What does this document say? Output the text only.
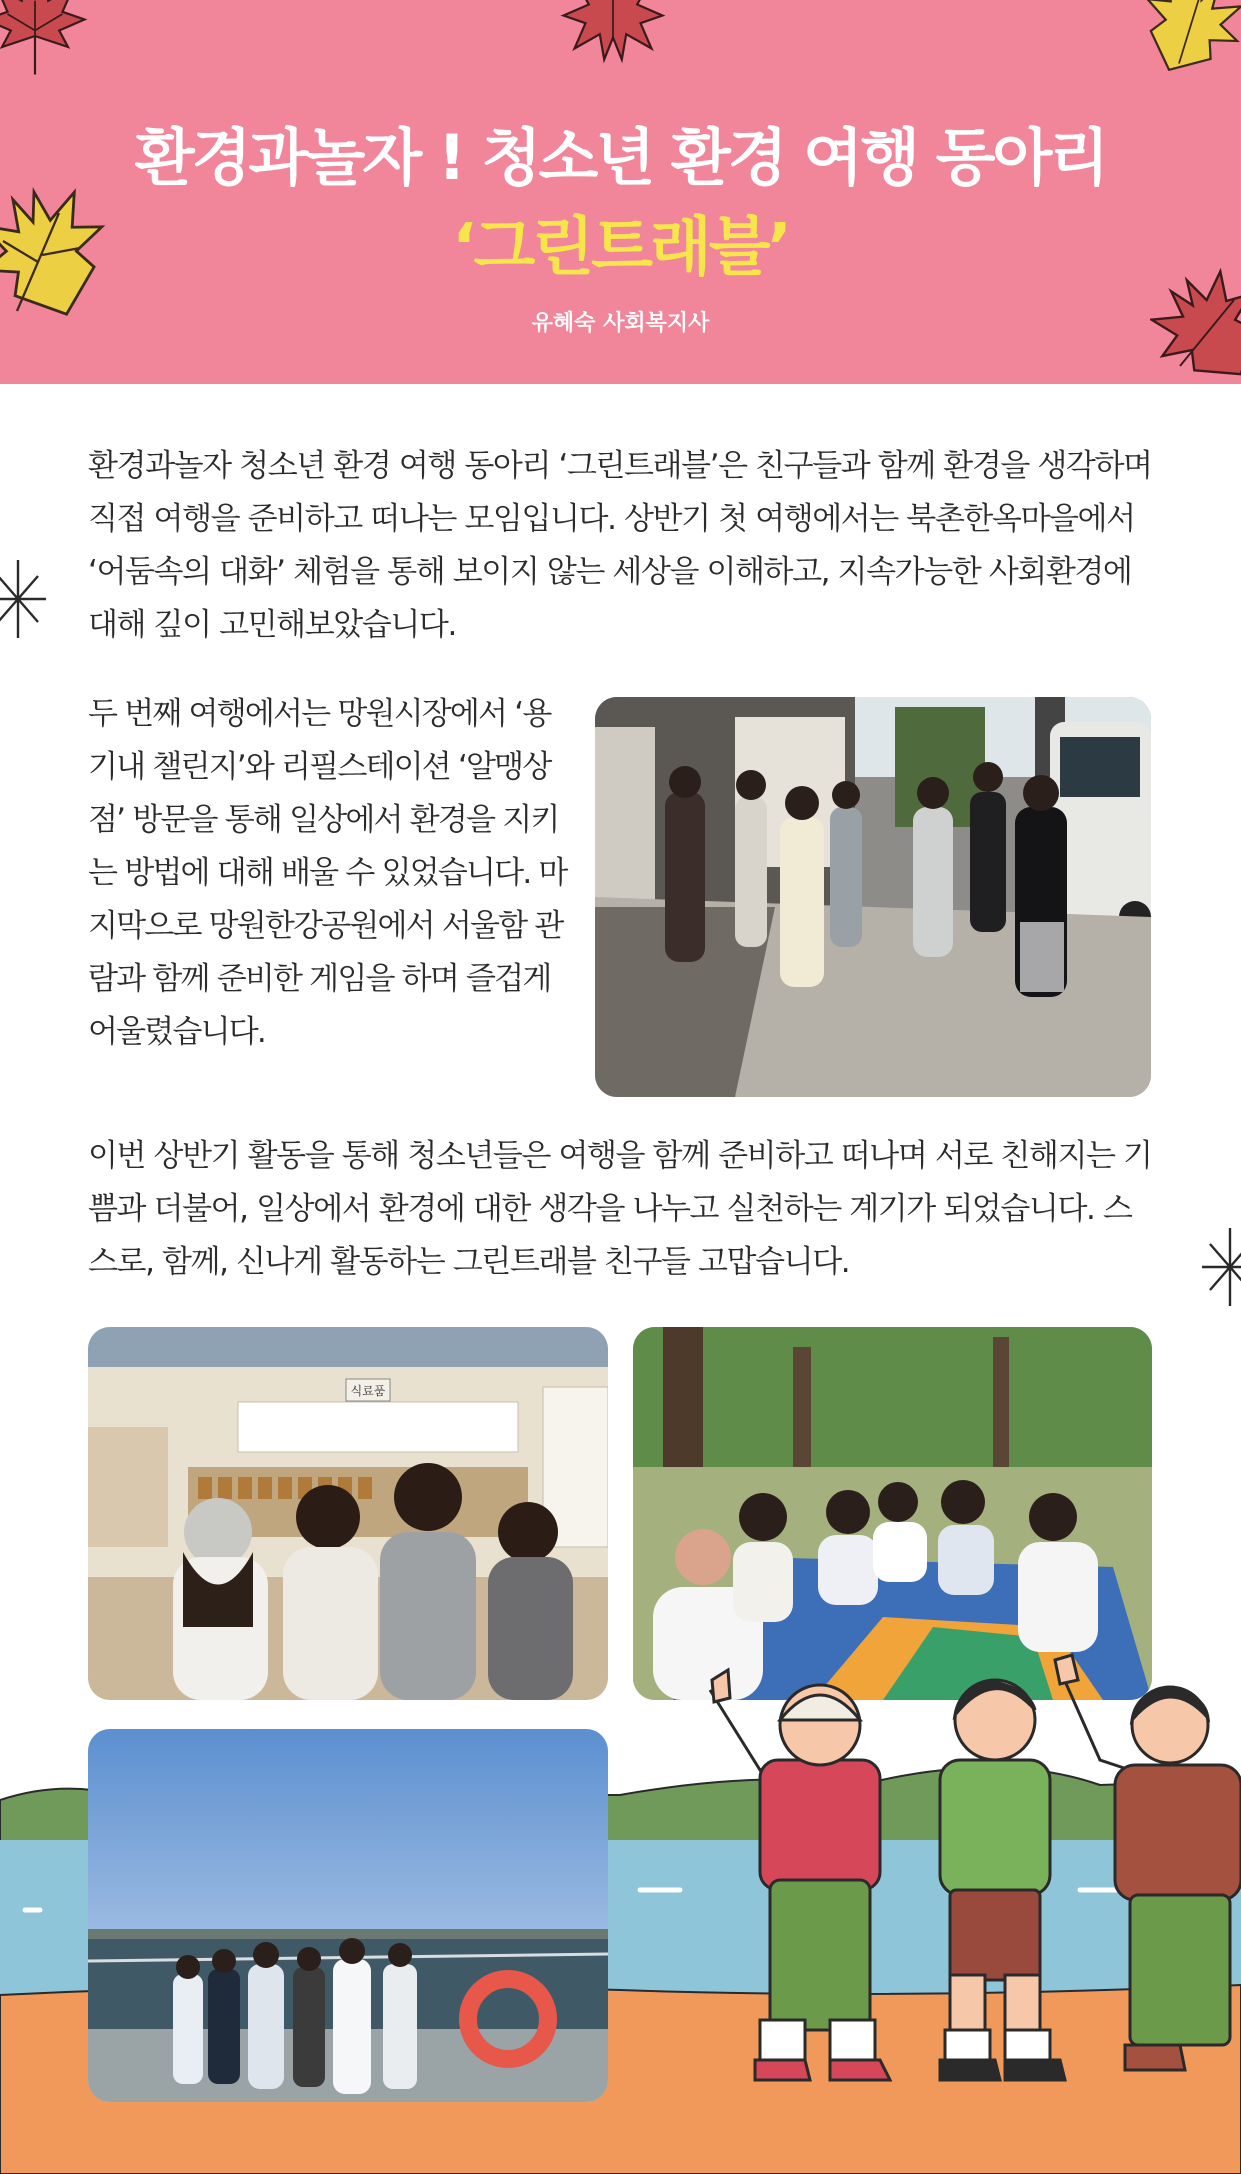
환경과놀자 ! 청소년 환경 여행 동아리
‘그린트래블’
유혜숙 사회복지사

환경과놀자 청소년 환경 여행 동아리 ‘그린트래블’은 친구들과 함께 환경을 생각하며 직접 여행을 준비하고 떠나는 모임입니다. 상반기 첫 여행에서는 북촌한옥마을에서 ‘어둠속의 대화’ 체험을 통해 보이지 않는 세상을 이해하고, 지속가능한 사회환경에 대해 깊이 고민해보았습니다.

두 번째 여행에서는 망원시장에서 ‘용기내 챌린지’와 리필스테이션 ‘알맹상점’ 방문을 통해 일상에서 환경을 지키는 방법에 대해 배울 수 있었습니다. 마지막으로 망원한강공원에서 서울함 관람과 함께 준비한 게임을 하며 즐겁게 어울렸습니다.

이번 상반기 활동을 통해 청소년들은 여행을 함께 준비하고 떠나며 서로 친해지는 기쁨과 더불어, 일상에서 환경에 대한 생각을 나누고 실천하는 계기가 되었습니다. 스스로, 함께, 신나게 활동하는 그린트래블 친구들 고맙습니다.

식료품
